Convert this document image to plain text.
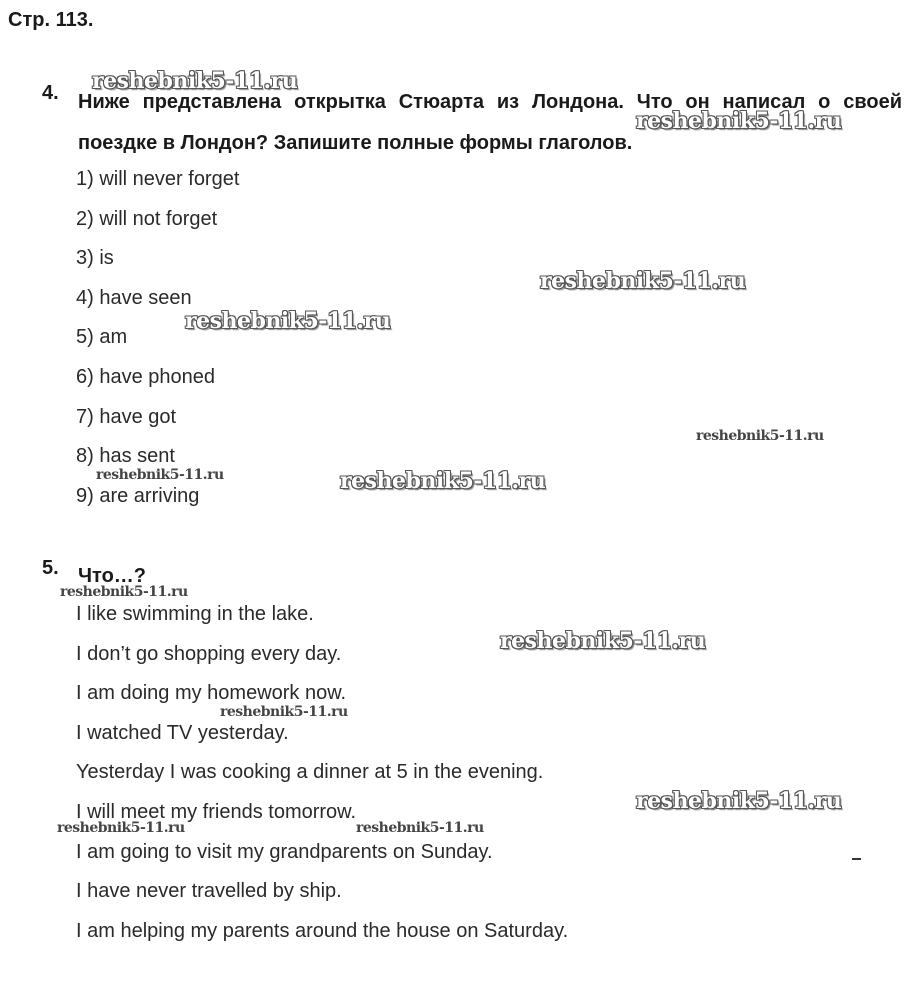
Стр. 113.
4. Ниже представлена открытка Стюарта из Лондона. Что он написал о своей поездке в Лондон? Запишите полные формы глаголов.
1) will never forget
2) will not forget
3) is
4) have seen
5) am
6) have phoned
7) have got
8) has sent
9) are arriving
5. Что…?
I like swimming in the lake.
I don’t go shopping every day.
I am doing my homework now.
I watched TV yesterday.
Yesterday I was cooking a dinner at 5 in the evening.
I will meet my friends tomorrow.
I am going to visit my grandparents on Sunday.
I have never travelled by ship.
I am helping my parents around the house on Saturday.
reshebnik5-11.ru
reshebnik5-11.ru
reshebnik5-11.ru
reshebnik5-11.ru
reshebnik5-11.ru
reshebnik5-11.ru	reshebnik5-11.ru
reshebnik5-11.ru
reshebnik5-11.ru
reshebnik5-11.ru
reshebnik5-11.ru
reshebnik5-11.ru	reshebnik5-11.ru
